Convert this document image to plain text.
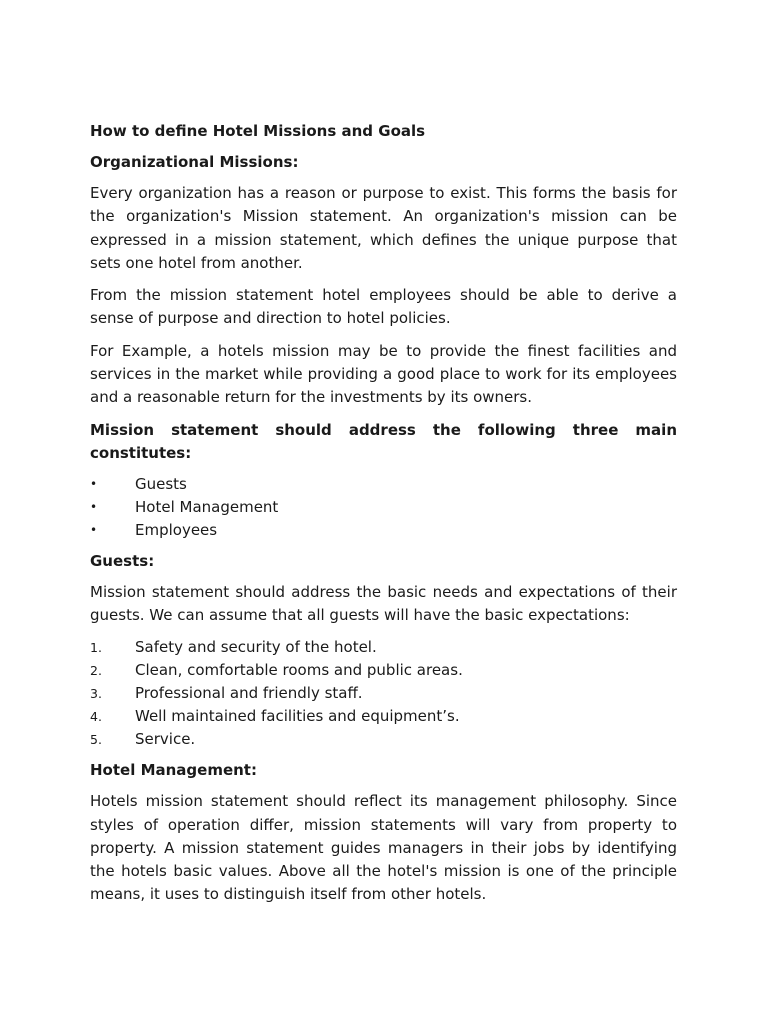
How to define Hotel Missions and Goals
Organizational Missions:

Every organization has a reason or purpose to exist. This forms the basis for the organization's Mission statement. An organization's mission can be expressed in a mission statement, which defines the unique purpose that sets one hotel from another.

From the mission statement hotel employees should be able to derive a sense of purpose and direction to hotel policies.

For Example, a hotels mission may be to provide the finest facilities and services in the market while providing a good place to work for its employees and a reasonable return for the investments by its owners.

Mission statement should address the following three main constitutes:
•	Guests
•	Hotel Management
•	Employees
Guests:

Mission statement should address the basic needs and expectations of their guests. We can assume that all guests will have the basic expectations:

1. Safety and security of the hotel.
2. Clean, comfortable rooms and public areas.
3. Professional and friendly staff.
4. Well maintained facilities and equipment’s.
5. Service.
Hotel Management:

Hotels mission statement should reflect its management philosophy. Since styles of operation differ, mission statements will vary from property to property. A mission statement guides managers in their jobs by identifying the hotels basic values. Above all the hotel's mission is one of the principle means, it uses to distinguish itself from other hotels.
